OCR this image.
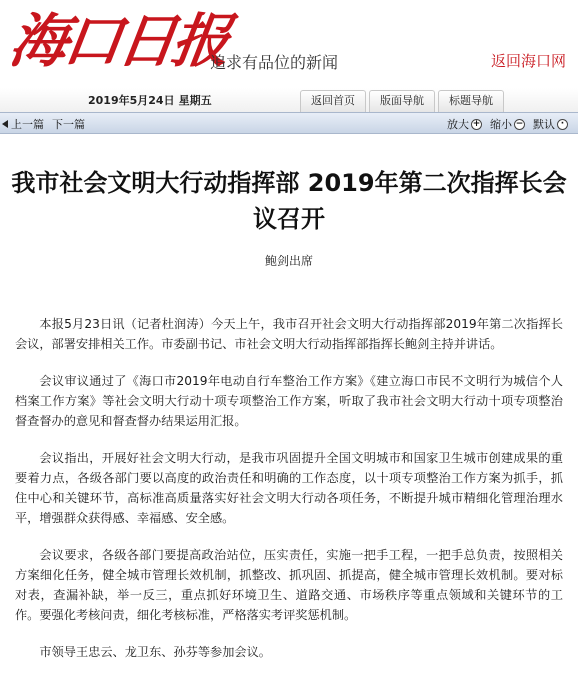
海口日报
追求有品位的新闻	返回海口网
2019年5月24日 星期五	返回首页	版面导航	标题导航
上一篇 下一篇	放大 + 缩小 − 默认 ·
我市社会文明大行动指挥部 2019年第二次指挥长会议召开
鲍剑出席

本报5月23日讯（记者杜润涛）今天上午，我市召开社会文明大行动指挥部2019年第二次指挥长会议，部署安排相关工作。市委副书记、市社会文明大行动指挥部指挥长鲍剑主持并讲话。

会议审议通过了《海口市2019年电动自行车整治工作方案》《建立海口市民不文明行为城信个人档案工作方案》等社会文明大行动十项专项整治工作方案，听取了我市社会文明大行动十项专项整治督查督办的意见和督查督办结果运用汇报。

会议指出，开展好社会文明大行动，是我市巩固提升全国文明城市和国家卫生城市创建成果的重要着力点，各级各部门要以高度的政治责任和明确的工作态度，以十项专项整治工作方案为抓手，抓住中心和关键环节，高标准高质量落实好社会文明大行动各项任务，不断提升城市精细化管理治理水平，增强群众获得感、幸福感、安全感。

会议要求，各级各部门要提高政治站位，压实责任，实施一把手工程，一把手总负责，按照相关方案细化任务，健全城市管理长效机制，抓整改、抓巩固、抓提高，健全城市管理长效机制。要对标对表，查漏补缺，举一反三，重点抓好环境卫生、道路交通、市场秩序等重点领域和关键环节的工作。要强化考核问责，细化考核标准，严格落实考评奖惩机制。

市领导王忠云、龙卫东、孙芬等参加会议。
